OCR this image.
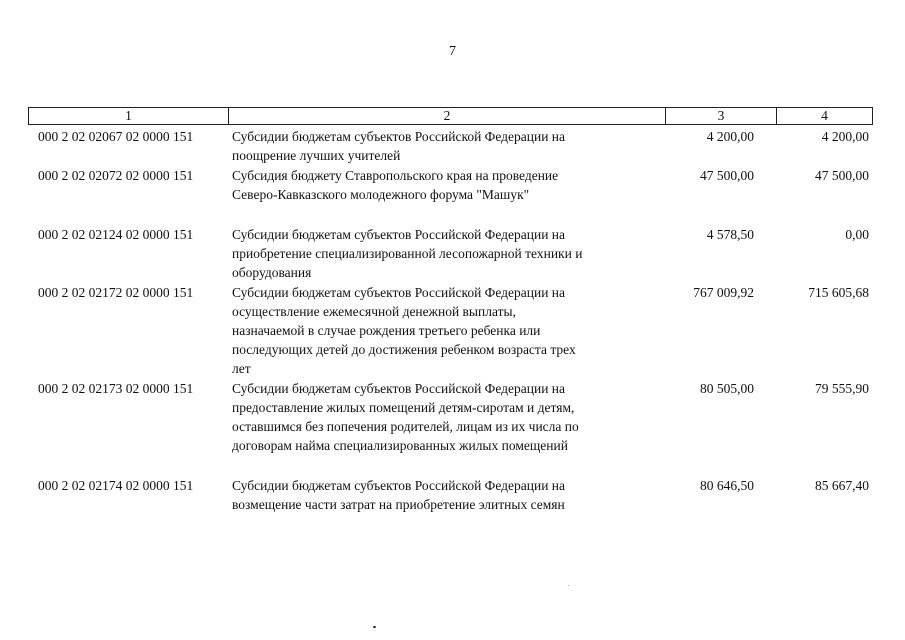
7
1	2	3	4
000 2 02 02067 02 0000 151	Субсидии бюджетам субъектов Российской Федерации на
поощрение лучших учителей
4 200,00	4 200,00
000 2 02 02072 02 0000 151	Субсидия бюджету Ставропольского края на проведение
Северо-Кавказского молодежного форума "Машук"
47 500,00	47 500,00
000 2 02 02124 02 0000 151	Субсидии бюджетам субъектов Российской Федерации на
приобретение специализированной лесопожарной техники и
оборудования
4 578,50	0,00
000 2 02 02172 02 0000 151	Субсидии бюджетам субъектов Российской Федерации на
осуществление ежемесячной денежной выплаты,
назначаемой в случае рождения третьего ребенка или
последующих детей до достижения ребенком возраста трех
лет
767 009,92	715 605,68
000 2 02 02173 02 0000 151	Субсидии бюджетам субъектов Российской Федерации на
предоставление жилых помещений детям-сиротам и детям,
оставшимся без попечения родителей, лицам из их числа по
договорам найма специализированных жилых помещений
80 505,00	79 555,90
000 2 02 02174 02 0000 151	Субсидии бюджетам субъектов Российской Федерации на
возмещение части затрат на приобретение элитных семян
80 646,50	85 667,40
